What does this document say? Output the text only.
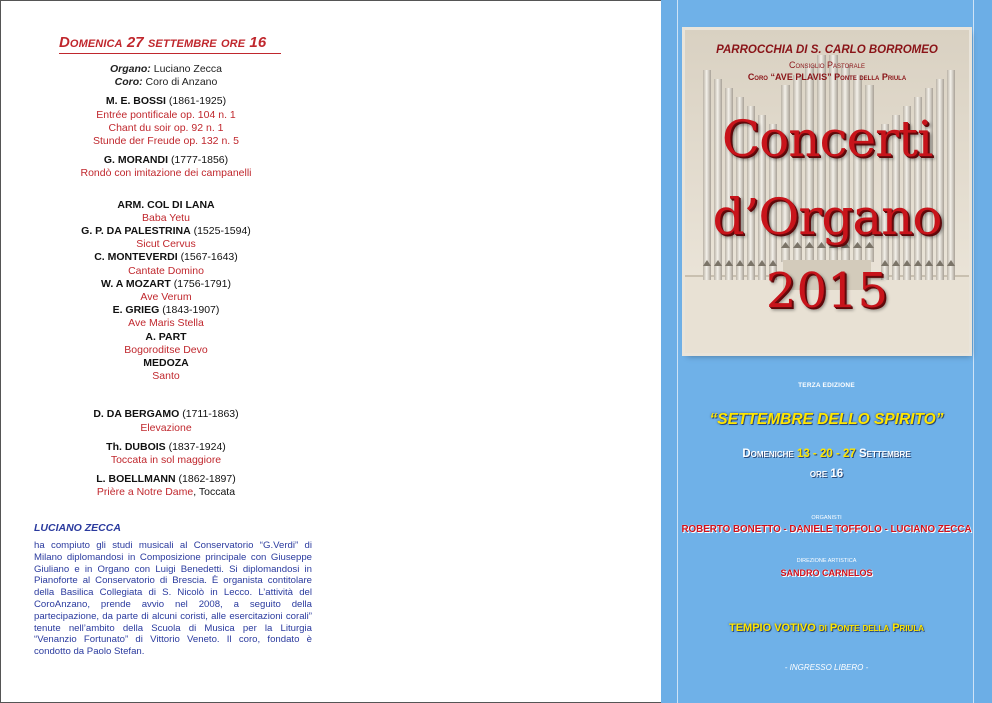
Domenica 27 settembre ore 16
Organo: Luciano Zecca
Coro: Coro di Anzano
M. E. BOSSI (1861-1925)
Entrée pontificale op. 104 n. 1
Chant du soir op. 92 n. 1
Stunde der Freude op. 132 n. 5
G. MORANDI (1777-1856)
Rondò con imitazione dei campanelli
ARM. COL DI LANA
Baba Yetu
G. P. DA PALESTRINA (1525-1594)
Sicut Cervus
C. MONTEVERDI (1567-1643)
Cantate Domino
W. A MOZART (1756-1791)
Ave Verum
E. GRIEG (1843-1907)
Ave Maris Stella
A. PART
Bogoroditse Devo
MEDOZA
Santo
D. DA BERGAMO (1711-1863)
Elevazione
Th. DUBOIS (1837-1924)
Toccata in sol maggiore
L. BOELLMANN (1862-1897)
Prière a Notre Dame, Toccata
LUCIANO ZECCA
ha compiuto gli studi musicali al Conservatorio “G.Verdi” di Milano diplomandosi in Composizione principale con Giuseppe Giuliano e in Organo con Luigi Benedetti. Si diplomandosi in Pianoforte al Conservatorio di Brescia. È organista contitolare della Basilica Collegiata di S. Nicolò in Lecco. L’attività del CoroAnzano, prende avvio nel 2008, a seguito della partecipazione, da parte di alcuni coristi, alle esercitazioni corali” tenute nell’ambito della Scuola di Musica per la Liturgia “Venanzio Fortunato” di Vittorio Veneto. Il coro, fondato è condotto da Paolo Stefan.
PARROCCHIA DI S. CARLO BORROMEO
Consiglio Pastorale
Coro “AVE PLAVIS” Ponte della Priula
Concerti
d’Organo
2015
TERZA EDIZIONE
“SETTEMBRE DELLO SPIRITO”
Domeniche 13 - 20 - 27 Settembre
ore 16
ORGANISTI
ROBERTO BONETTO - DANIELE TOFFOLO - LUCIANO ZECCA
DIREZIONE ARTISTICA
SANDRO CARNELOS
TEMPIO VOTIVO di Ponte della Priula
- INGRESSO LIBERO -
